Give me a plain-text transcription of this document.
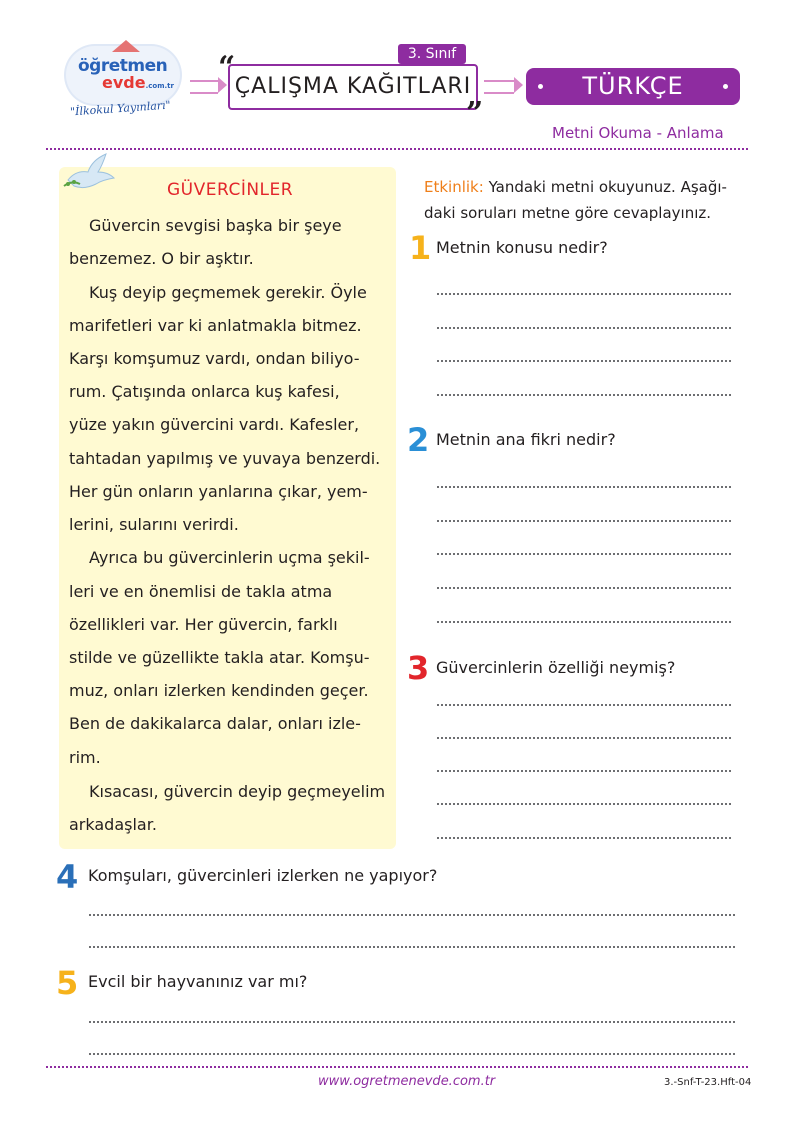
öğretmen
evde.com.tr
"İlkokul Yayınları"
3. Sınıf
ÇALIŞMA KAĞITLARI
“
”
TÜRKÇE
Metni Okuma - Anlama
GÜVERCİNLER
Güvercin sevgisi başka bir şeye
benzemez. O bir aşktır.
Kuş deyip geçmemek gerekir. Öyle
marifetleri var ki anlatmakla bitmez.
Karşı komşumuz vardı, ondan biliyo-
rum. Çatışında onlarca kuş kafesi,
yüze yakın güvercini vardı. Kafesler,
tahtadan yapılmış ve yuvaya benzerdi.
Her gün onların yanlarına çıkar, yem-
lerini, sularını verirdi.
Ayrıca bu güvercinlerin uçma şekil-
leri ve en önemlisi de takla atma
özellikleri var. Her güvercin, farklı
stilde ve güzellikte takla atar. Komşu-
muz, onları izlerken kendinden geçer.
Ben de dakikalarca dalar, onları izle-
rim.
Kısacası, güvercin deyip geçmeyelim
arkadaşlar.
Etkinlik: Yandaki metni okuyunuz. Aşağı-
daki soruları metne göre cevaplayınız.
1 Metnin konusu nedir?
2 Metnin ana fikri nedir?
3 Güvercinlerin özelliği neymiş?
4 Komşuları, güvercinleri izlerken ne yapıyor?
5 Evcil bir hayvanınız var mı?
www.ogretmenevde.com.tr	3.-Snf-T-23.Hft-04
